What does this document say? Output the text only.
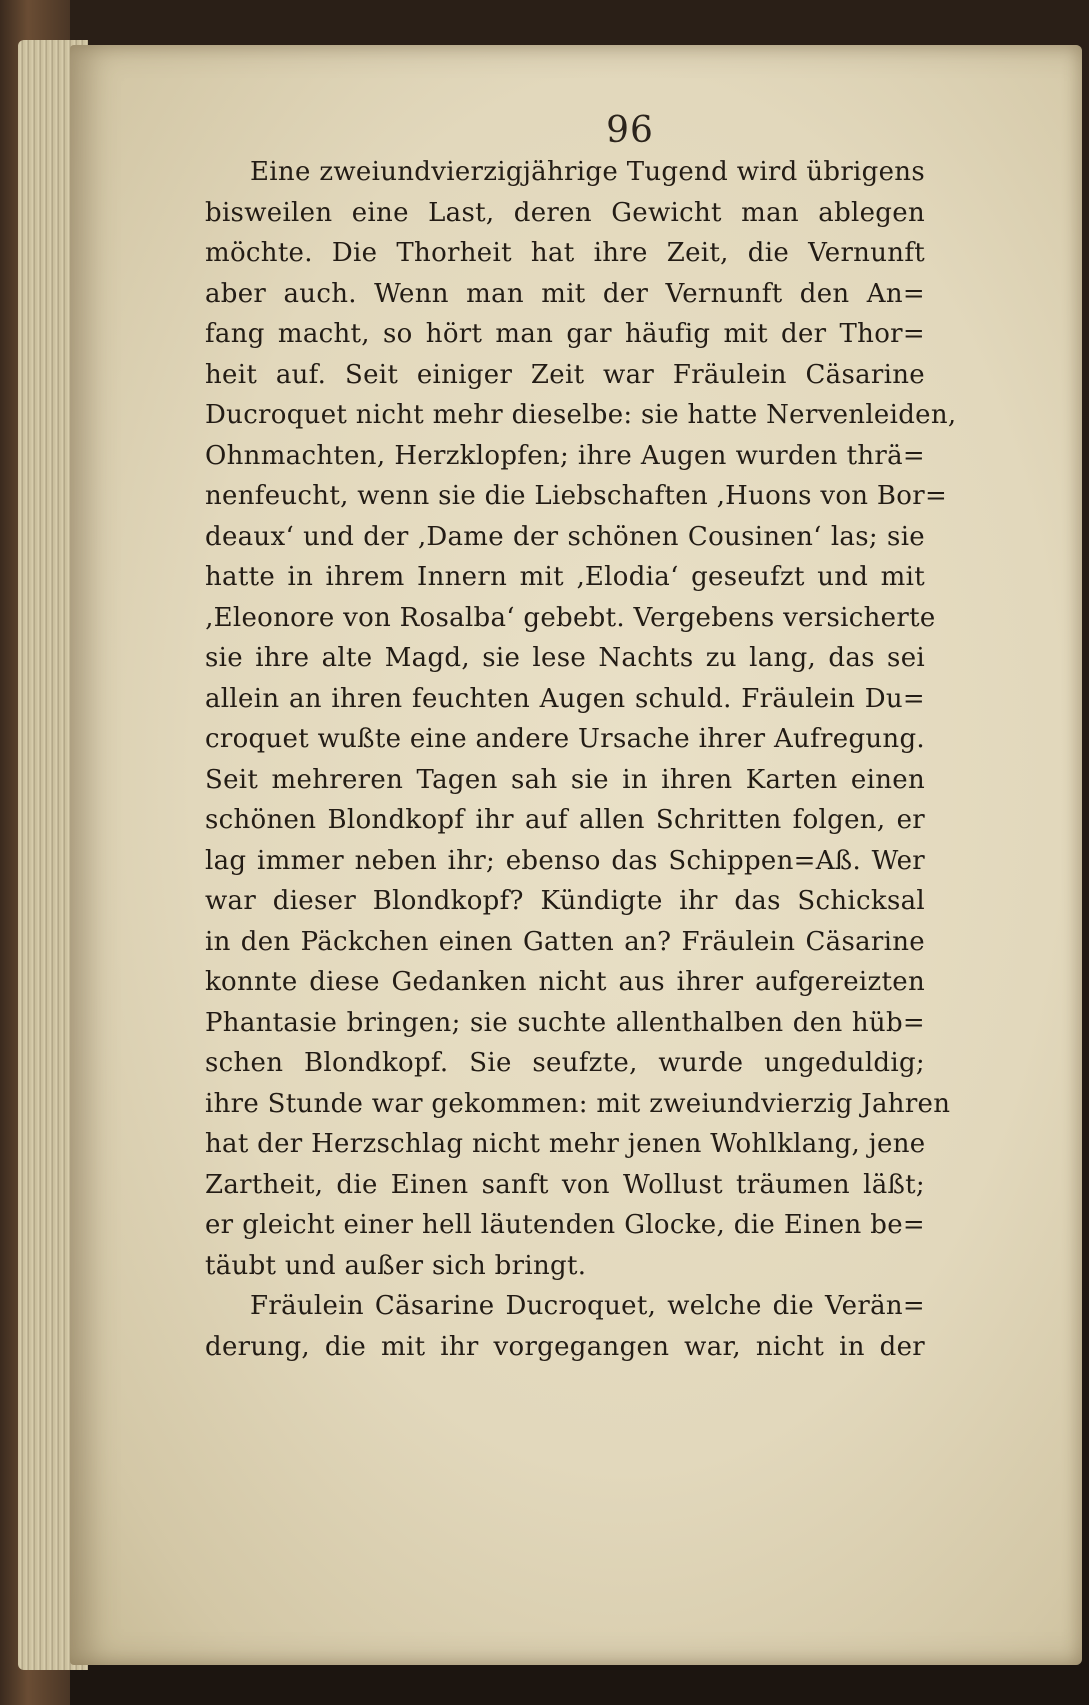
96
Eine zweiundvierzigjährige Tugend wird übrigens
bisweilen eine Last, deren Gewicht man ablegen
möchte. Die Thorheit hat ihre Zeit, die Vernunft
aber auch. Wenn man mit der Vernunft den An=
fang macht, so hört man gar häufig mit der Thor=
heit auf. Seit einiger Zeit war Fräulein Cäsarine
Ducroquet nicht mehr dieselbe: sie hatte Nervenleiden,
Ohnmachten, Herzklopfen; ihre Augen wurden thrä=
nenfeucht, wenn sie die Liebschaften ‚Huons von Bor=
deaux‘ und der ‚Dame der schönen Cousinen‘ las; sie
hatte in ihrem Innern mit ‚Elodia‘ geseufzt und mit
‚Eleonore von Rosalba‘ gebebt. Vergebens versicherte
sie ihre alte Magd, sie lese Nachts zu lang, das sei
allein an ihren feuchten Augen schuld. Fräulein Du=
croquet wußte eine andere Ursache ihrer Aufregung.
Seit mehreren Tagen sah sie in ihren Karten einen
schönen Blondkopf ihr auf allen Schritten folgen, er
lag immer neben ihr; ebenso das Schippen=Aß. Wer
war dieser Blondkopf? Kündigte ihr das Schicksal
in den Päckchen einen Gatten an? Fräulein Cäsarine
konnte diese Gedanken nicht aus ihrer aufgereizten
Phantasie bringen; sie suchte allenthalben den hüb=
schen Blondkopf. Sie seufzte, wurde ungeduldig;
ihre Stunde war gekommen: mit zweiundvierzig Jahren
hat der Herzschlag nicht mehr jenen Wohlklang, jene
Zartheit, die Einen sanft von Wollust träumen läßt;
er gleicht einer hell läutenden Glocke, die Einen be=
täubt und außer sich bringt.
Fräulein Cäsarine Ducroquet, welche die Verän=
derung, die mit ihr vorgegangen war, nicht in der
